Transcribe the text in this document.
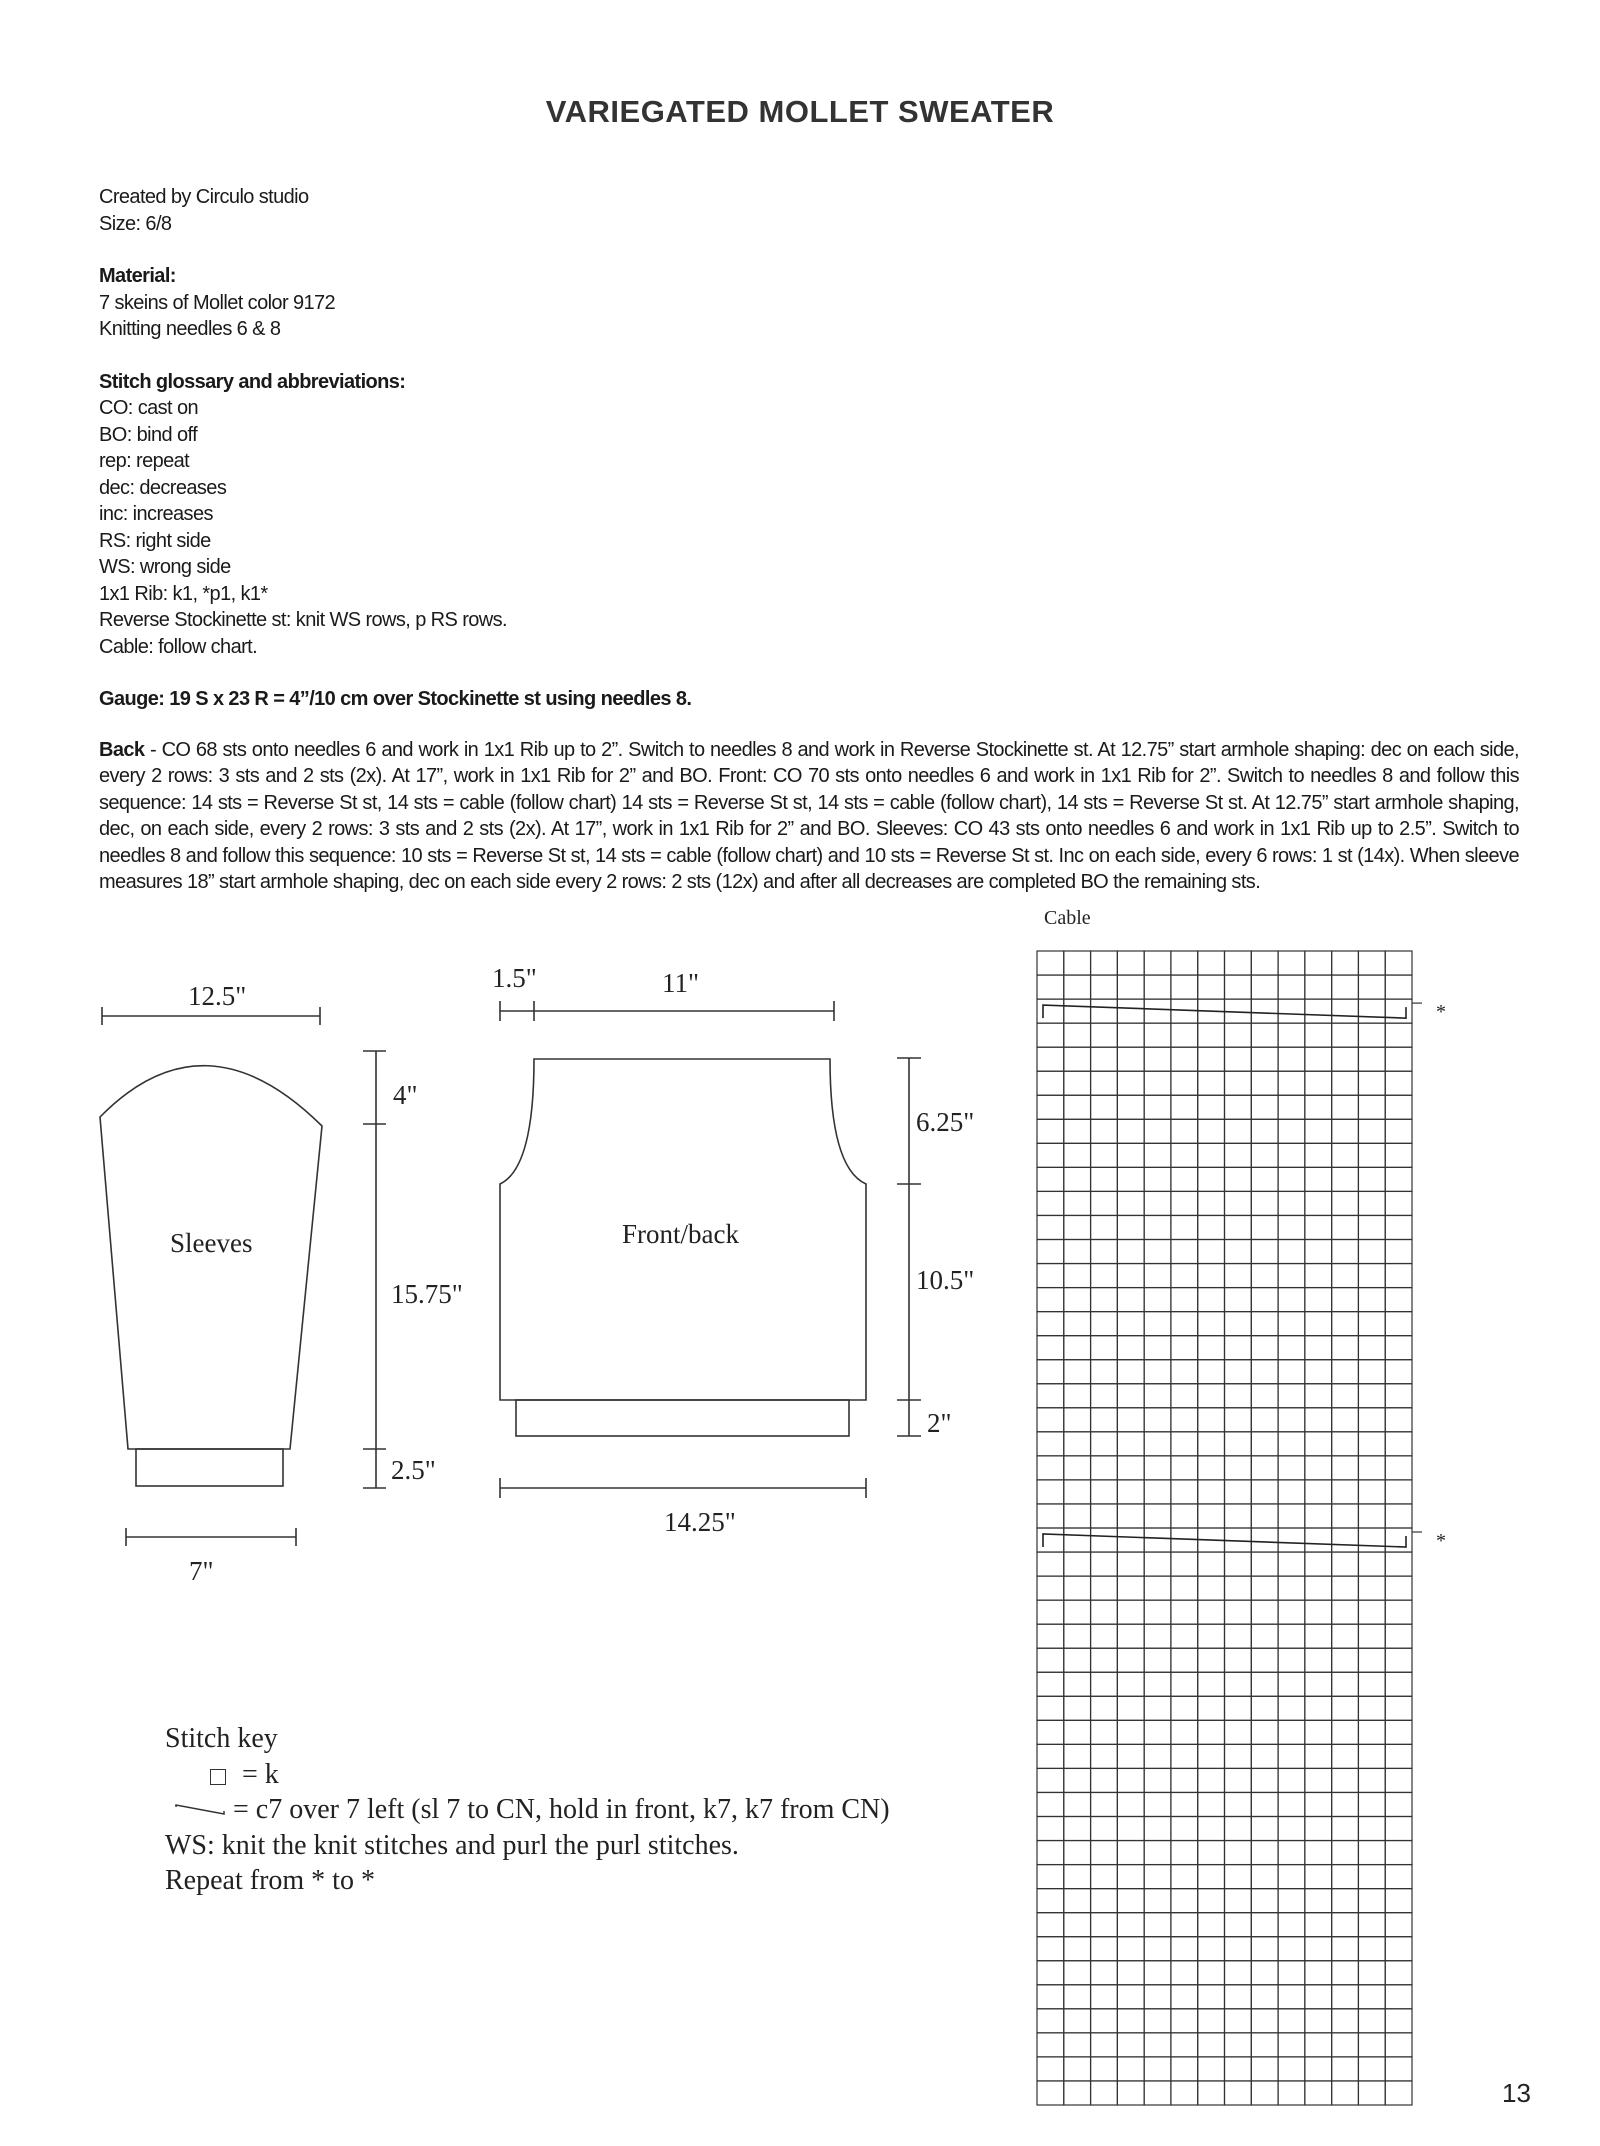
VARIEGATED MOLLET SWEATER

Created by Circulo studio

Size: 6/8

Material:

7 skeins of Mollet color 9172

Knitting needles 6 & 8

Stitch glossary and abbreviations:

CO: cast on

BO: bind off

rep: repeat

dec: decreases

inc: increases

RS: right side

WS: wrong side

1x1 Rib: k1, *p1, k1*

Reverse Stockinette st: knit WS rows, p RS rows.

Cable: follow chart.

Gauge: 19 S x 23 R = 4”/10 cm over Stockinette st using needles 8.

Back - CO 68 sts onto needles 6 and work in 1x1 Rib up to 2”. Switch to needles 8 and work in Reverse Stockinette st. At 12.75” start armhole shaping: dec on each side, every 2 rows: 3 sts and 2 sts (2x). At 17”, work in 1x1 Rib for 2” and BO. Front: CO 70 sts onto needles 6 and work in 1x1 Rib for 2”. Switch to needles 8 and follow this sequence: 14 sts = Reverse St st, 14 sts = cable (follow chart) 14 sts = Reverse St st, 14 sts = cable (follow chart), 14 sts = Reverse St st. At 12.75” start armhole shaping, dec, on each side, every 2 rows: 3 sts and 2 sts (2x). At 17”, work in 1x1 Rib for 2” and BO. Sleeves: CO 43 sts onto needles 6 and work in 1x1 Rib up to 2.5”. Switch to needles 8 and follow this sequence: 10 sts = Reverse St st, 14 sts = cable (follow chart) and 10 sts = Reverse St st. Inc on each side, every 6 rows: 1 st (14x). When sleeve measures 18” start armhole shaping, dec on each side every 2 rows: 2 sts (12x) and after all decreases are completed BO the remaining sts.

Cable
12.5"
Sleeves
4"
15.75"
2.5"
7"
1.5"	11"
Front/back
6.25"
10.5"
2"
14.25"
*
*

Stitch key

= k

= c7 over 7 left (sl 7 to CN, hold in front, k7, k7 from CN)

WS: knit the knit stitches and purl the purl stitches.

Repeat from * to *

13
